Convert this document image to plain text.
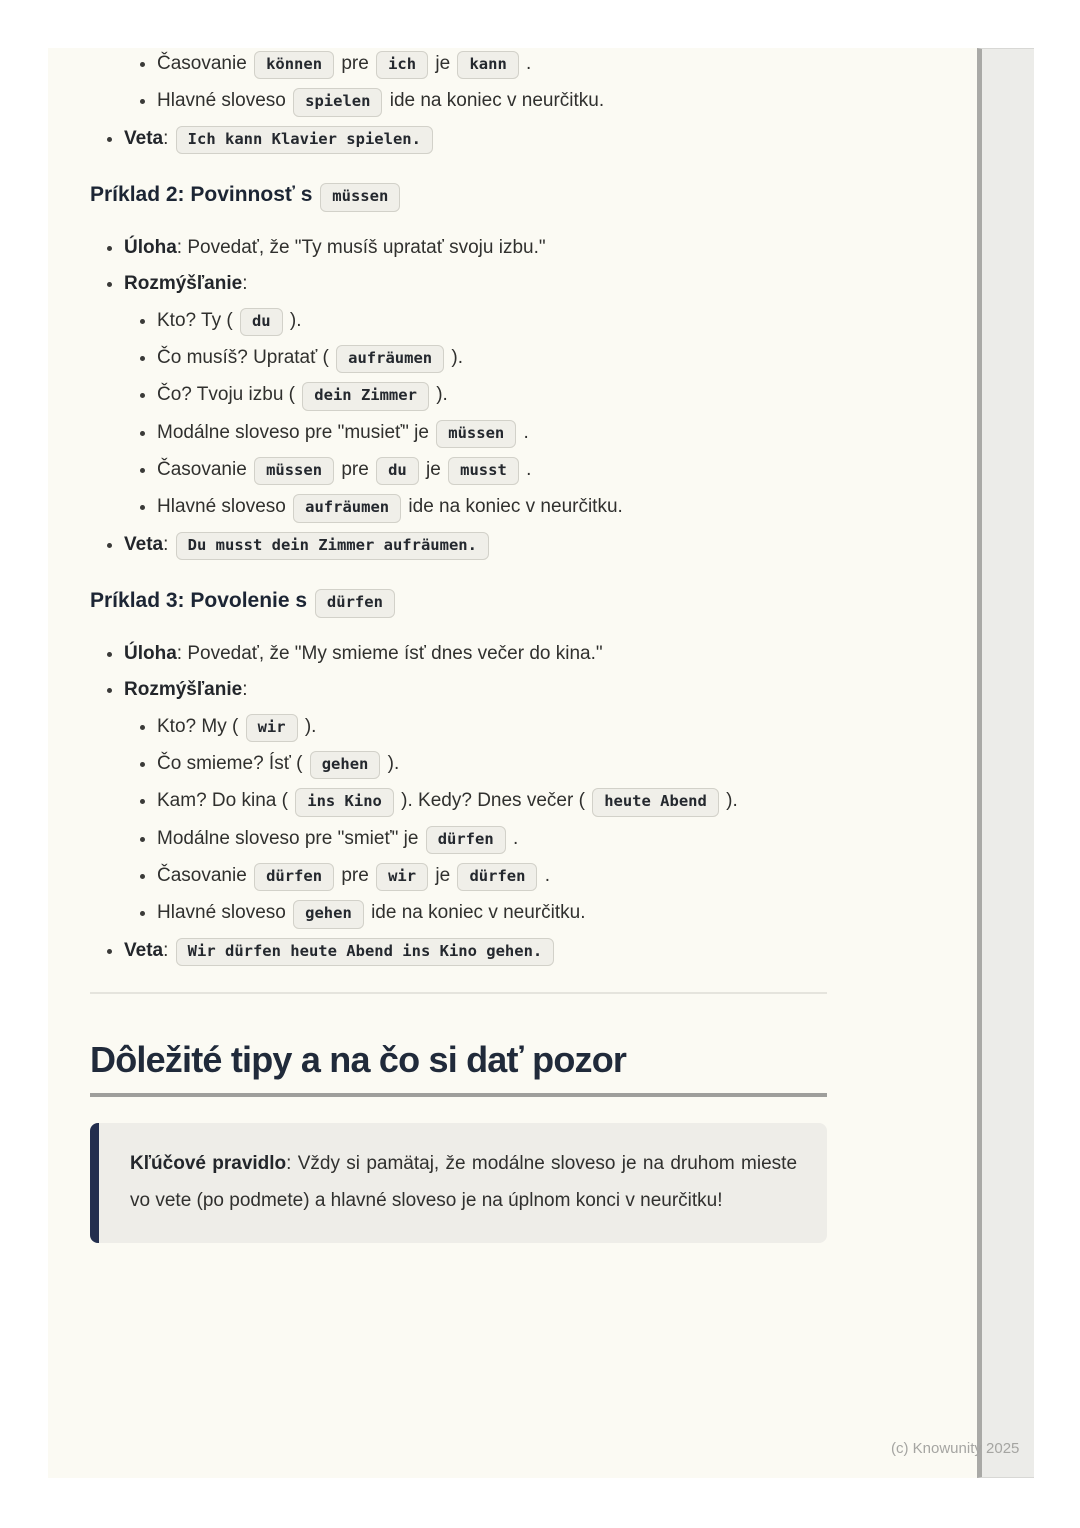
• Časovanie können pre ich je kann .
• Hlavné sloveso spielen ide na koniec v neurčitku.
• Veta: Ich kann Klavier spielen.
Príklad 2: Povinnosť s müssen
• Úloha: Povedať, že "Ty musíš upratať svoju izbu."
• Rozmýšľanie:
• Kto? Ty ( du ).
• Čo musíš? Upratať ( aufräumen ).
• Čo? Tvoju izbu ( dein Zimmer ).
• Modálne sloveso pre "musieť" je müssen .
• Časovanie müssen pre du je musst .
• Hlavné sloveso aufräumen ide na koniec v neurčitku.
• Veta: Du musst dein Zimmer aufräumen.
Príklad 3: Povolenie s dürfen
• Úloha: Povedať, že "My smieme ísť dnes večer do kina."
• Rozmýšľanie:
• Kto? My ( wir ).
• Čo smieme? Ísť ( gehen ).
• Kam? Do kina ( ins Kino ). Kedy? Dnes večer ( heute Abend ).
• Modálne sloveso pre "smieť" je dürfen .
• Časovanie dürfen pre wir je dürfen .
• Hlavné sloveso gehen ide na koniec v neurčitku.
• Veta: Wir dürfen heute Abend ins Kino gehen.
Dôležité tipy a na čo si dať pozor

Kľúčové pravidlo: Vždy si pamätaj, že modálne sloveso je na druhom mieste vo vete (po podmete) a hlavné sloveso je na úplnom konci v neurčitku!

(c) Knowunity 2025
